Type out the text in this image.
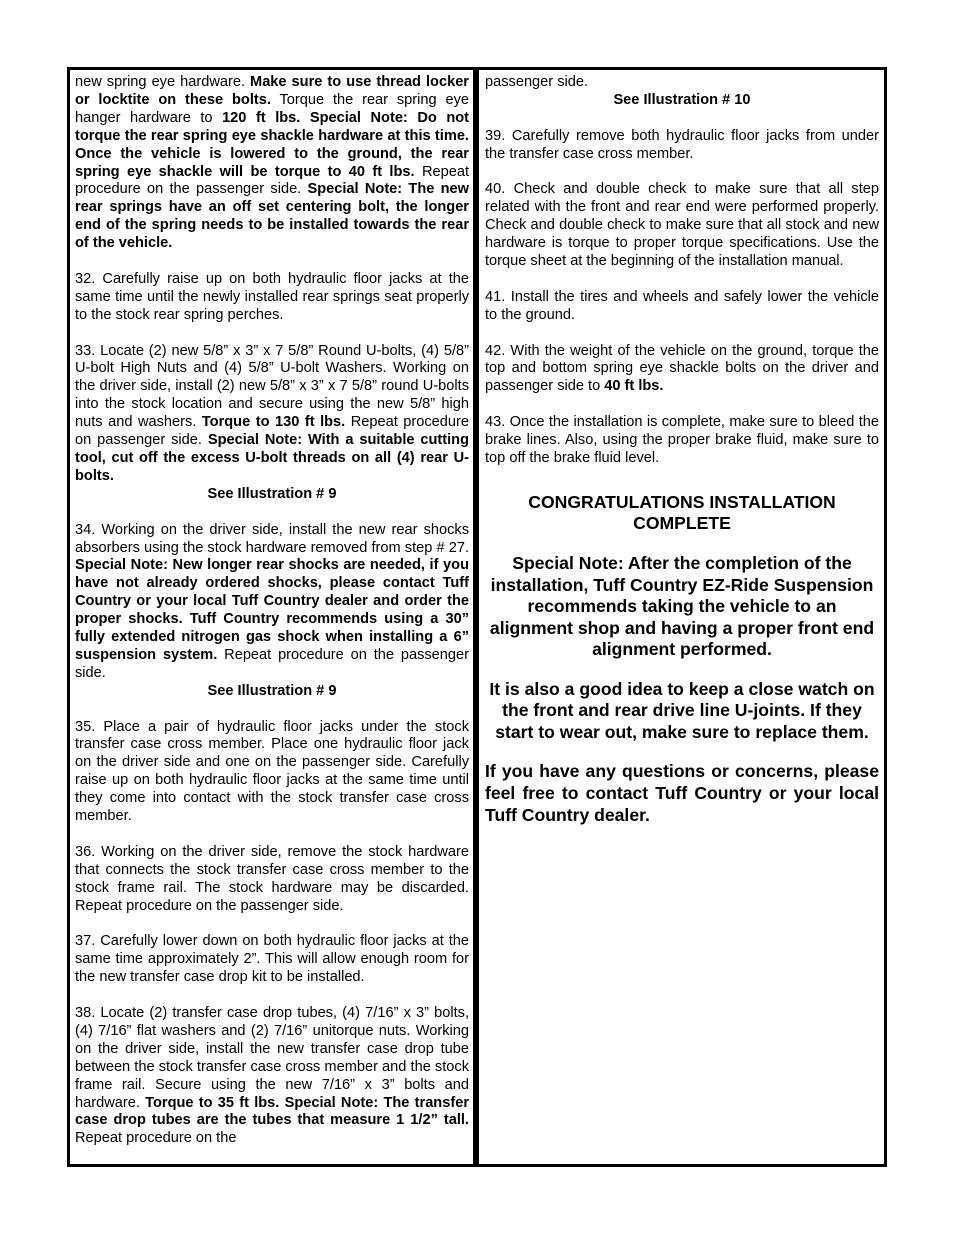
new spring eye hardware. Make sure to use thread locker or locktite on these bolts. Torque the rear spring eye hanger hardware to 120 ft lbs. Special Note: Do not torque the rear spring eye shackle hardware at this time. Once the vehicle is lowered to the ground, the rear spring eye shackle will be torque to 40 ft lbs. Repeat procedure on the passenger side. Special Note: The new rear springs have an off set centering bolt, the longer end of the spring needs to be installed towards the rear of the vehicle.

32. Carefully raise up on both hydraulic floor jacks at the same time until the newly installed rear springs seat properly to the stock rear spring perches.

33. Locate (2) new 5/8” x 3” x 7 5/8” Round U-bolts, (4) 5/8” U-bolt High Nuts and (4) 5/8” U-bolt Washers. Working on the driver side, install (2) new 5/8” x 3” x 7 5/8” round U-bolts into the stock location and secure using the new 5/8” high nuts and washers. Torque to 130 ft lbs. Repeat procedure on passenger side. Special Note: With a suitable cutting tool, cut off the excess U-bolt threads on all (4) rear U-bolts.
See Illustration # 9

34. Working on the driver side, install the new rear shocks absorbers using the stock hardware removed from step # 27. Special Note: New longer rear shocks are needed, if you have not already ordered shocks, please contact Tuff Country or your local Tuff Country dealer and order the proper shocks. Tuff Country recommends using a 30” fully extended nitrogen gas shock when installing a 6” suspension system. Repeat procedure on the passenger side.
See Illustration # 9

35. Place a pair of hydraulic floor jacks under the stock transfer case cross member. Place one hydraulic floor jack on the driver side and one on the passenger side. Carefully raise up on both hydraulic floor jacks at the same time until they come into contact with the stock transfer case cross member.

36. Working on the driver side, remove the stock hardware that connects the stock transfer case cross member to the stock frame rail. The stock hardware may be discarded. Repeat procedure on the passenger side.

37. Carefully lower down on both hydraulic floor jacks at the same time approximately 2”. This will allow enough room for the new transfer case drop kit to be installed.

38. Locate (2) transfer case drop tubes, (4) 7/16” x 3” bolts, (4) 7/16” flat washers and (2) 7/16” unitorque nuts. Working on the driver side, install the new transfer case drop tube between the stock transfer case cross member and the stock frame rail. Secure using the new 7/16” x 3” bolts and hardware. Torque to 35 ft lbs. Special Note: The transfer case drop tubes are the tubes that measure 1 1/2” tall. Repeat procedure on the

passenger side.
See Illustration # 10

39. Carefully remove both hydraulic floor jacks from under the transfer case cross member.

40. Check and double check to make sure that all step related with the front and rear end were performed properly. Check and double check to make sure that all stock and new hardware is torque to proper torque specifications. Use the torque sheet at the beginning of the installation manual.

41. Install the tires and wheels and safely lower the vehicle to the ground.

42. With the weight of the vehicle on the ground, torque the top and bottom spring eye shackle bolts on the driver and passenger side to 40 ft lbs.

43. Once the installation is complete, make sure to bleed the brake lines. Also, using the proper brake fluid, make sure to top off the brake fluid level.

CONGRATULATIONS INSTALLATION COMPLETE

Special Note: After the completion of the installation, Tuff Country EZ-Ride Suspension recommends taking the vehicle to an alignment shop and having a proper front end alignment performed.

It is also a good idea to keep a close watch on the front and rear drive line U-joints. If they start to wear out, make sure to replace them.

If you have any questions or concerns, please feel free to contact Tuff Country or your local Tuff Country dealer.
